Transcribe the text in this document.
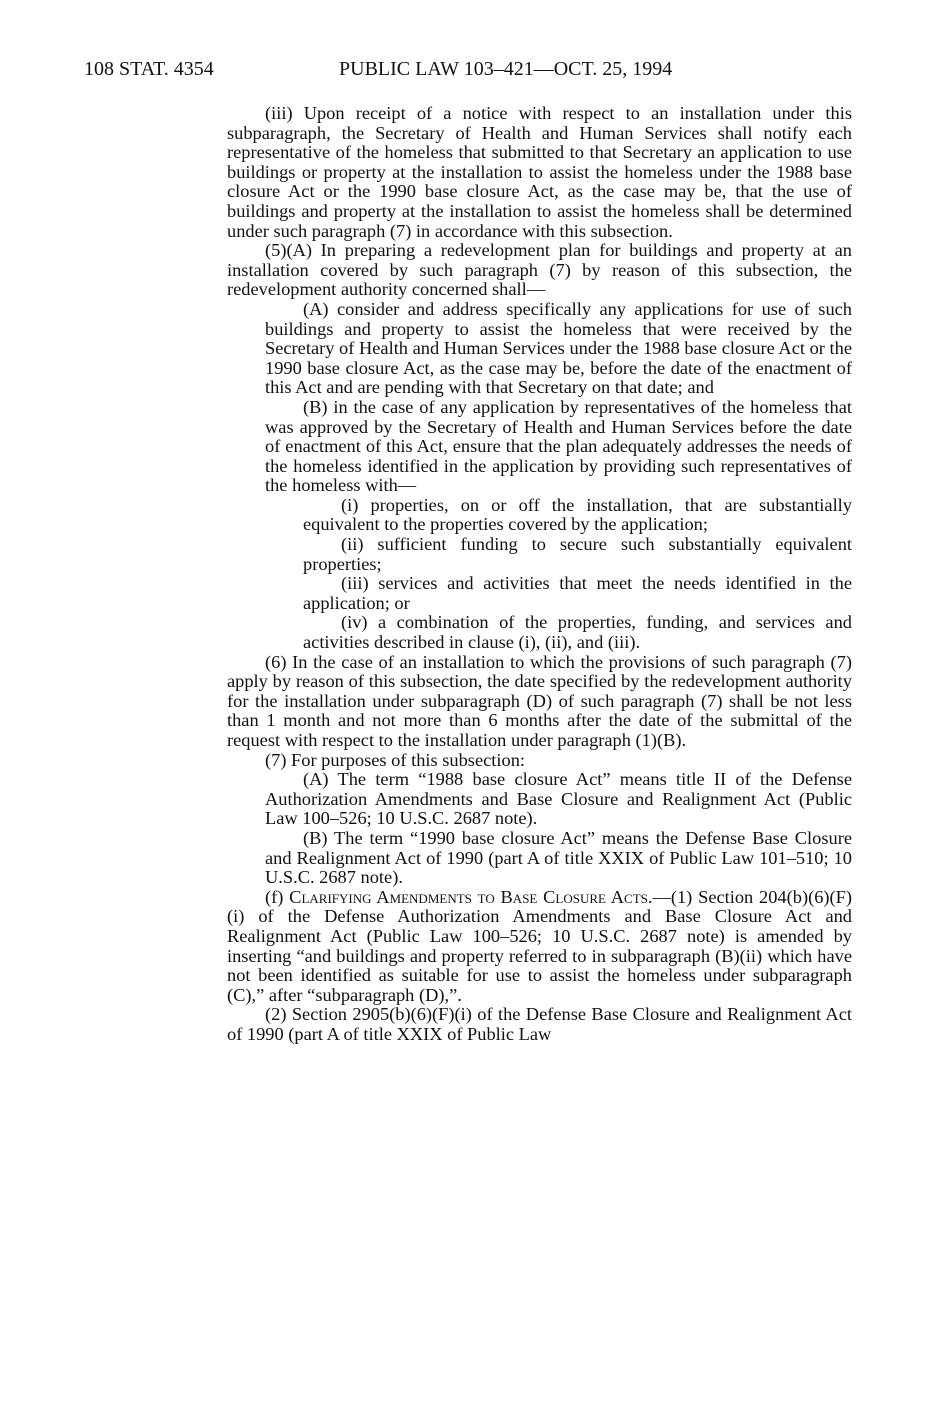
108 STAT. 4354	PUBLIC LAW 103–421—OCT. 25, 1994

(iii) Upon receipt of a notice with respect to an installation under this subparagraph, the Secretary of Health and Human Services shall notify each representative of the homeless that submitted to that Secretary an application to use buildings or property at the installation to assist the homeless under the 1988 base closure Act or the 1990 base closure Act, as the case may be, that the use of buildings and property at the installation to assist the homeless shall be determined under such paragraph (7) in accordance with this subsection.

(5)(A) In preparing a redevelopment plan for buildings and property at an installation covered by such paragraph (7) by reason of this subsection, the redevelopment authority concerned shall—

(A) consider and address specifically any applications for use of such buildings and property to assist the homeless that were received by the Secretary of Health and Human Services under the 1988 base closure Act or the 1990 base closure Act, as the case may be, before the date of the enactment of this Act and are pending with that Secretary on that date; and

(B) in the case of any application by representatives of the homeless that was approved by the Secretary of Health and Human Services before the date of enactment of this Act, ensure that the plan adequately addresses the needs of the homeless identified in the application by providing such representatives of the homeless with—

(i) properties, on or off the installation, that are substantially equivalent to the properties covered by the application;

(ii) sufficient funding to secure such substantially equivalent properties;

(iii) services and activities that meet the needs identified in the application; or

(iv) a combination of the properties, funding, and services and activities described in clause (i), (ii), and (iii).

(6) In the case of an installation to which the provisions of such paragraph (7) apply by reason of this subsection, the date specified by the redevelopment authority for the installation under subparagraph (D) of such paragraph (7) shall be not less than 1 month and not more than 6 months after the date of the submittal of the request with respect to the installation under paragraph (1)(B).

(7) For purposes of this subsection:

(A) The term “1988 base closure Act” means title II of the Defense Authorization Amendments and Base Closure and Realignment Act (Public Law 100–526; 10 U.S.C. 2687 note).

(B) The term “1990 base closure Act” means the Defense Base Closure and Realignment Act of 1990 (part A of title XXIX of Public Law 101–510; 10 U.S.C. 2687 note).

(f) Clarifying Amendments to Base Closure Acts.—(1) Section 204(b)(6)(F)(i) of the Defense Authorization Amendments and Base Closure Act and Realignment Act (Public Law 100–526; 10 U.S.C. 2687 note) is amended by inserting “and buildings and property referred to in subparagraph (B)(ii) which have not been identified as suitable for use to assist the homeless under subparagraph (C),” after “subparagraph (D),”.

(2) Section 2905(b)(6)(F)(i) of the Defense Base Closure and Realignment Act of 1990 (part A of title XXIX of Public Law
